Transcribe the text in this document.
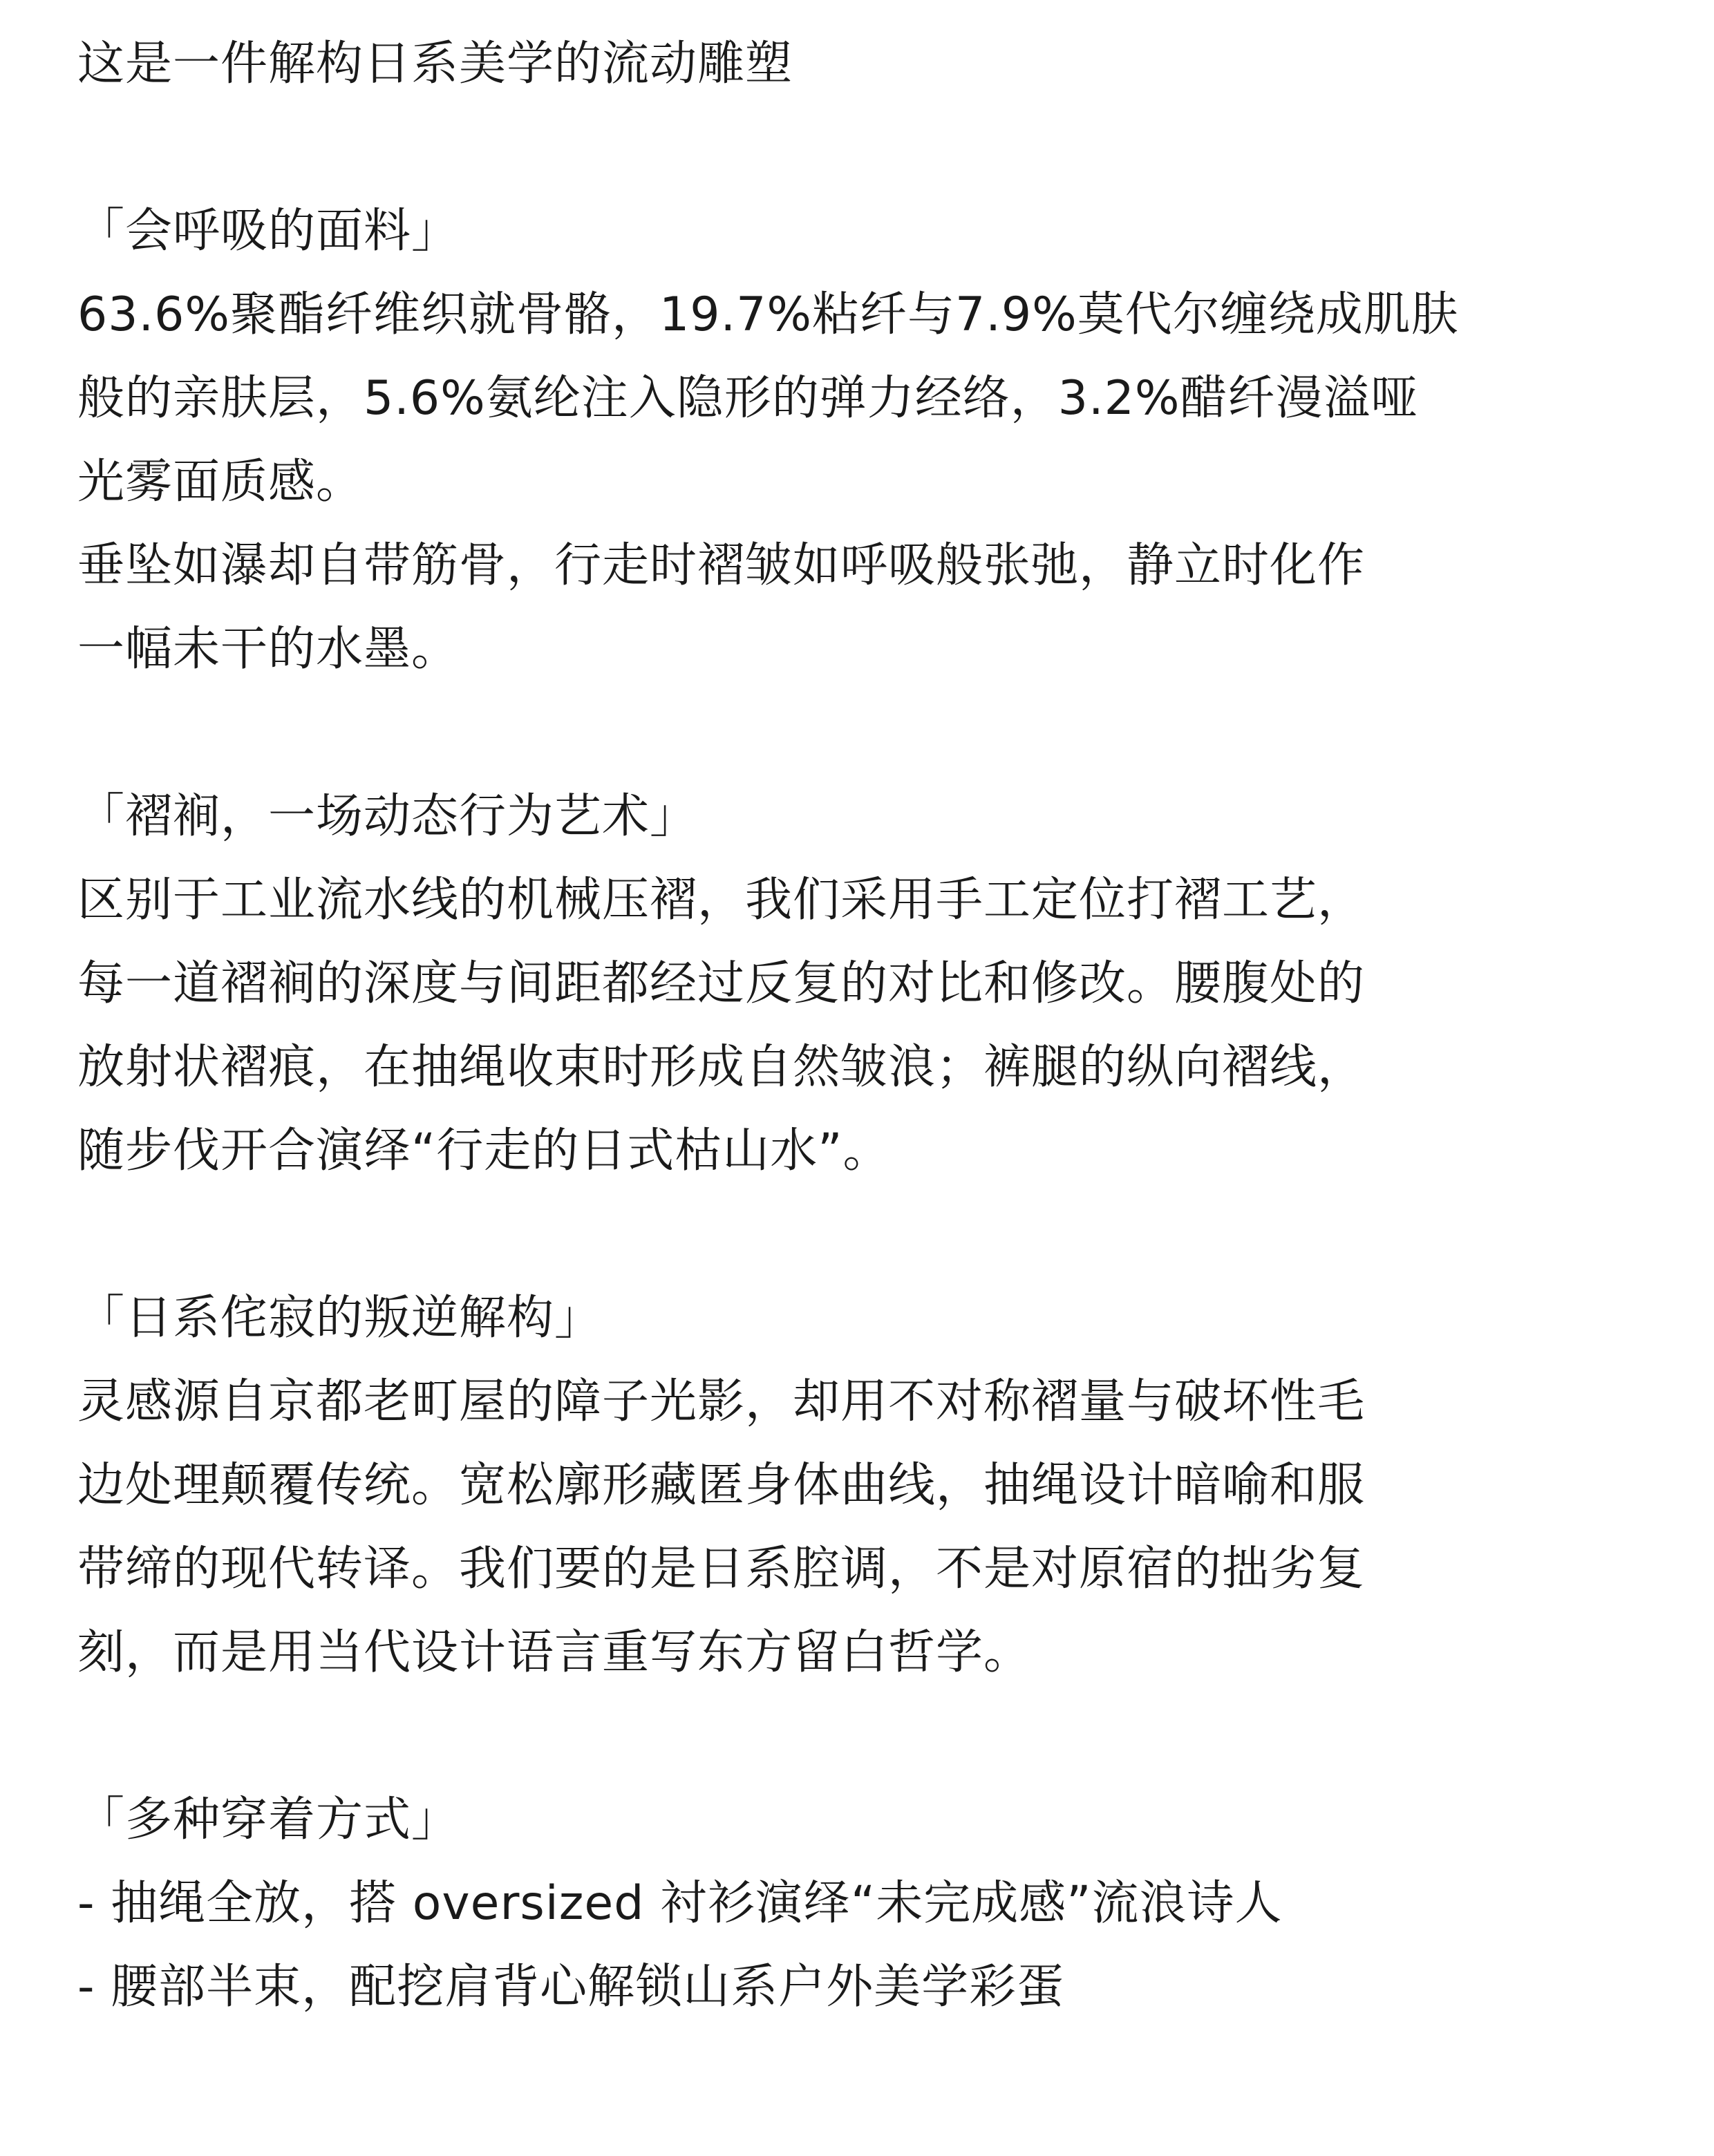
这是一件解构日系美学的流动雕塑
「会呼吸的面料」
63.6%聚酯纤维织就骨骼，19.7%粘纤与7.9%莫代尔缠绕成肌肤
般的亲肤层，5.6%氨纶注入隐形的弹力经络，3.2%醋纤漫溢哑
光雾面质感。
垂坠如瀑却自带筋骨，行走时褶皱如呼吸般张弛，静立时化作
一幅未干的水墨。
「褶裥，一场动态行为艺术」
区别于工业流水线的机械压褶，我们采用手工定位打褶工艺，
每一道褶裥的深度与间距都经过反复的对比和修改。腰腹处的
放射状褶痕，在抽绳收束时形成自然皱浪；裤腿的纵向褶线，
随步伐开合演绎“行走的日式枯山水”。
「日系侘寂的叛逆解构」
灵感源自京都老町屋的障子光影，却用不对称褶量与破坏性毛
边处理颠覆传统。宽松廓形藏匿身体曲线，抽绳设计暗喻和服
带缔的现代转译。我们要的是日系腔调，不是对原宿的拙劣复
刻，而是用当代设计语言重写东方留白哲学。
「多种穿着方式」
- 抽绳全放，搭 oversized 衬衫演绎“未完成感”流浪诗人
- 腰部半束，配挖肩背心解锁山系户外美学彩蛋
